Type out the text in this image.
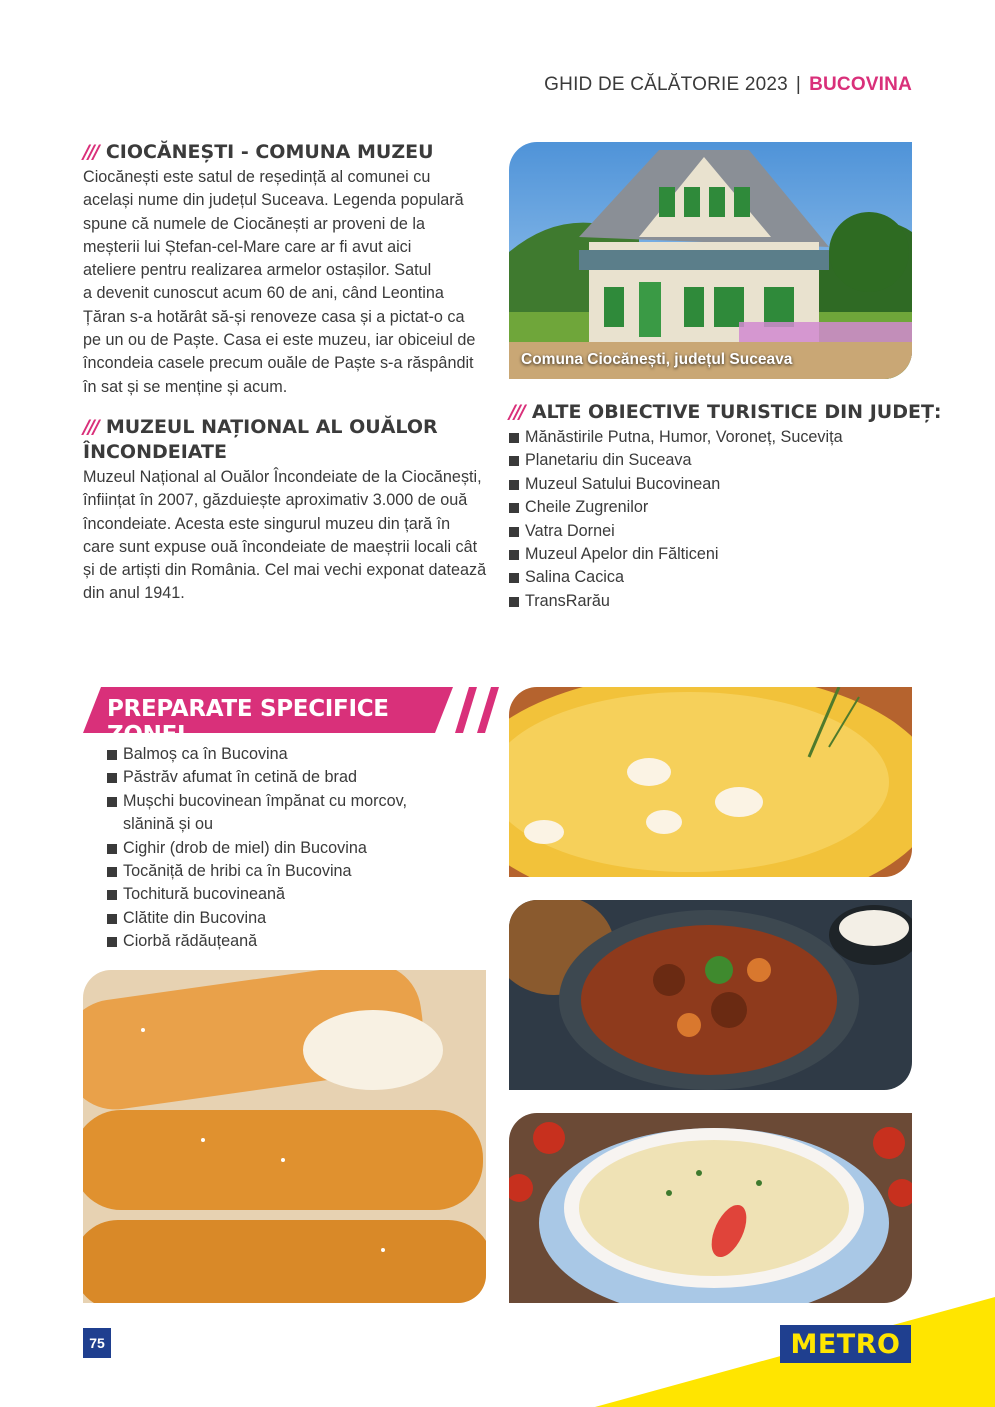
GHID DE CĂLĂTORIE 2023 | BUCOVINA
/// CIOCĂNEȘTI - COMUNA MUZEU
Ciocănești este satul de reședință al comunei cu
același nume din județul Suceava. Legenda populară
spune că numele de Ciocănești ar proveni de la
meșterii lui Ștefan-cel-Mare care ar fi avut aici
ateliere pentru realizarea armelor ostașilor. Satul
a devenit cunoscut acum 60 de ani, când Leontina
Țăran s-a hotărât să-și renoveze casa și a pictat-o ca
pe un ou de Paște. Casa ei este muzeu, iar obiceiul de
încondeia casele precum ouăle de Paște s-a răspândit
în sat și se menține și acum.
/// MUZEUL NAȚIONAL AL OUĂLOR
ÎNCONDEIATE
Muzeul Național al Ouălor Încondeiate de la Ciocănești,
înființat în 2007, găzduiește aproximativ 3.000 de ouă
încondeiate. Acesta este singurul muzeu din țară în
care sunt expuse ouă încondeiate de maeștrii locali cât
și de artiști din România. Cel mai vechi exponat datează
din anul 1941.
Comuna Ciocănești, județul Suceava
/// ALTE OBIECTIVE TURISTICE DIN JUDEȚ:
Mănăstirile Putna, Humor, Voroneț, Sucevița
Planetariu din Suceava
Muzeul Satului Bucovinean
Cheile Zugrenilor
Vatra Dornei
Muzeul Apelor din Fălticeni
Salina Cacica
TransRarău
PREPARATE SPECIFICE ZONEI
Balmoș ca în Bucovina
Păstrăv afumat în cetină de brad
Mușchi bucovinean împănat cu morcov,
slănină și ou
Cighir (drob de miel) din Bucovina
Tocăniță de hribi ca în Bucovina
Tochitură bucovineană
Clătite din Bucovina
Ciorbă rădăuțeană
75	METRO
